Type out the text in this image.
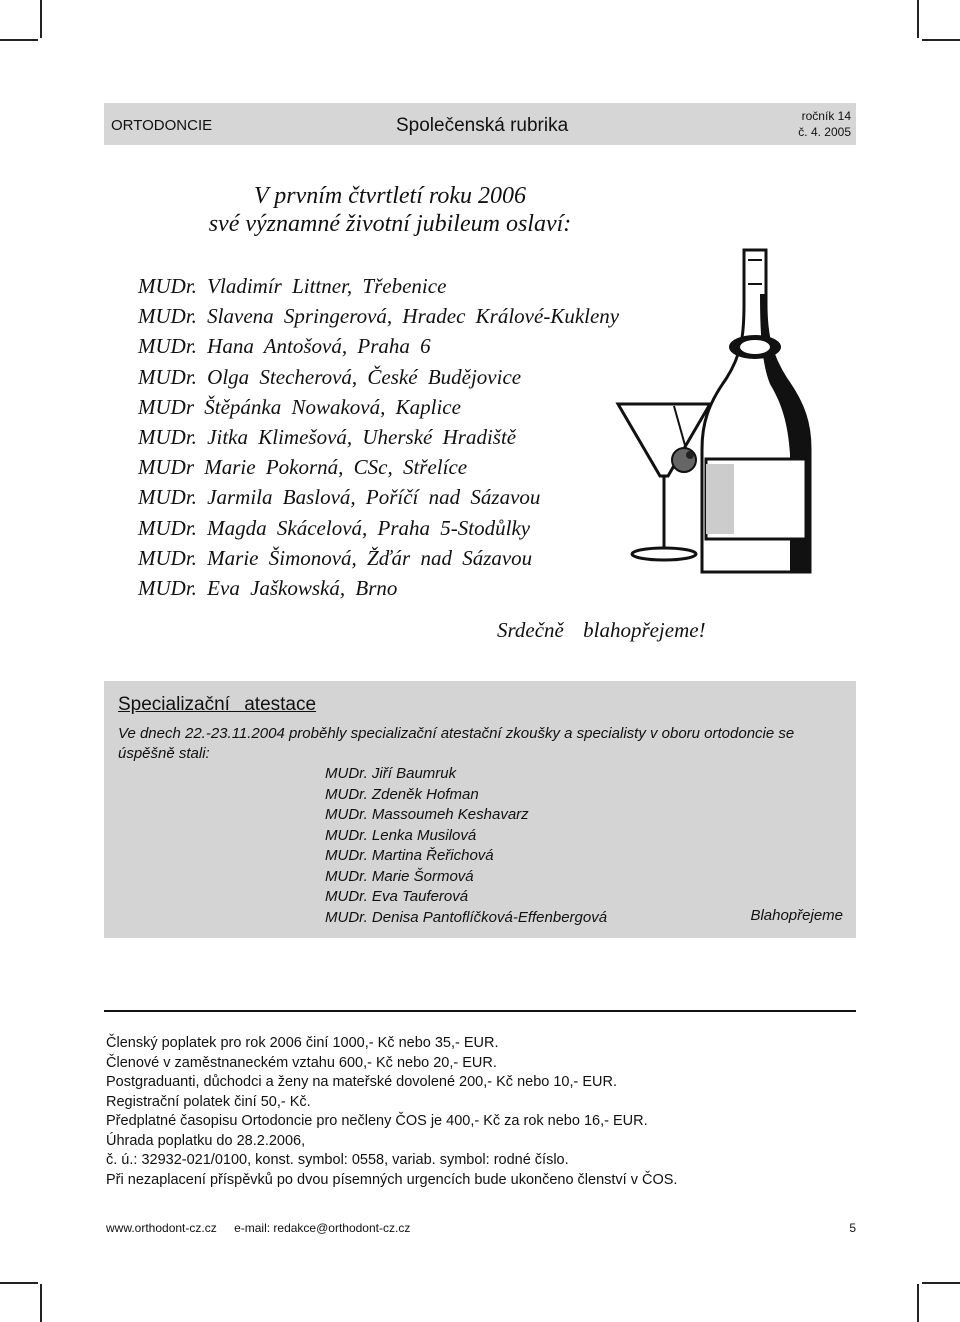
ORTODONCIE	Společenská rubrika	ročník 14
č. 4. 2005
V prvním čtvrtletí roku 2006
své významné životní jubileum oslaví:
MUDr. Vladimír Littner, Třebenice
MUDr. Slavena Springerová, Hradec Králové-Kukleny
MUDr. Hana Antošová, Praha 6
MUDr. Olga Stecherová, České Budějovice
MUDr Štěpánka Nowaková, Kaplice
MUDr. Jitka Klimešová, Uherské Hradiště
MUDr Marie Pokorná, CSc, Střelíce
MUDr. Jarmila Baslová, Poříčí nad Sázavou
MUDr. Magda Skácelová, Praha 5-Stodůlky
MUDr. Marie Šimonová, Žďár nad Sázavou
MUDr. Eva Jaškowská, Brno
Srdečně blahopřejeme!
Specializační atestace
Ve dnech 22.-23.11.2004 proběhly specializační atestační zkoušky a specialisty v oboru ortodoncie se úspěšně stali:
MUDr. Jiří Baumruk
MUDr. Zdeněk Hofman
MUDr. Massoumeh Keshavarz
MUDr. Lenka Musilová
MUDr. Martina Řeřichová
MUDr. Marie Šormová
MUDr. Eva Tauferová
MUDr. Denisa Pantoflíčková-Effenbergová	Blahopřejeme
Členský poplatek pro rok 2006 činí 1000,- Kč nebo 35,- EUR.
Členové v zaměstnaneckém vztahu 600,- Kč nebo 20,- EUR.
Postgraduanti, důchodci a ženy na mateřské dovolené 200,- Kč nebo 10,- EUR.
Registrační polatek činí 50,- Kč.
Předplatné časopisu Ortodoncie pro nečleny ČOS je 400,- Kč za rok nebo 16,- EUR.
Úhrada poplatku do 28.2.2006,
č. ú.: 32932-021/0100, konst. symbol: 0558, variab. symbol: rodné číslo.
Při nezaplacení příspěvků po dvou písemných urgencích bude ukončeno členství v ČOS.
www.orthodont-cz.cz e-mail: redakce@orthodont-cz.cz	5
